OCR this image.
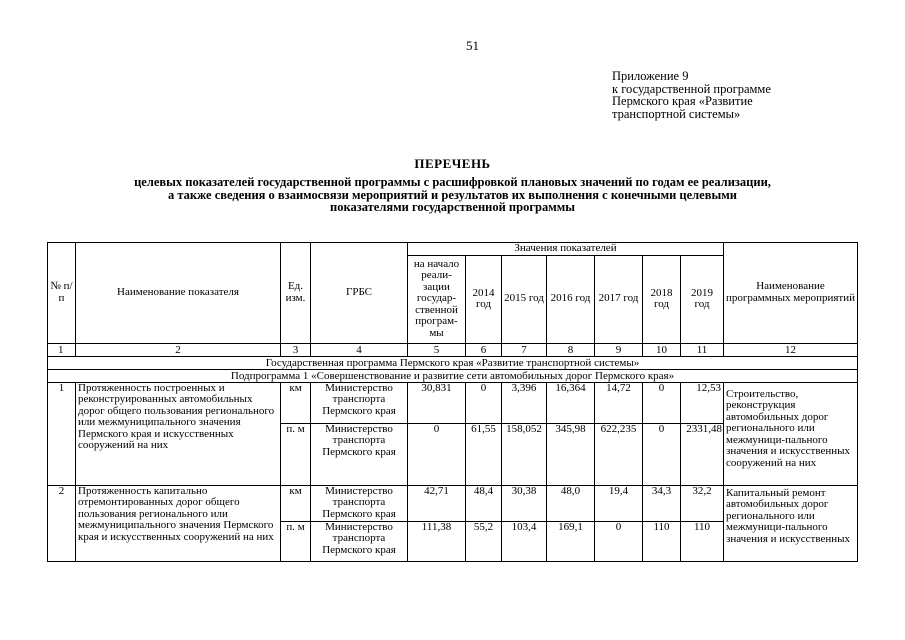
51
Приложение 9
к государственной программе
Пермского края «Развитие
транспортной системы»
ПЕРЕЧЕНЬ
целевых показателей государственной программы с расшифровкой плановых значений по годам ее реализации,
а также сведения о взаимосвязи мероприятий и результатов их выполнения с конечными целевыми
показателями государственной программы
№ п/п	Наименование показателя	Ед. изм.	ГРБС	Значения показателей							Наименование программных мероприятий
				на начало реали-зации государ-ственной програм-мы	2014 год	2015 год	2016 год	2017 год	2018 год	2019 год	
1	2	3	4	5	6	7	8	9	10	11	12
Государственная программа Пермского края «Развитие транспортной системы»											
Подпрограмма 1 «Совершенствование и развитие сети автомобильных дорог Пермского края»											
1	Протяженность построенных и реконструированных автомобильных дорог общего пользования регионального или межмуниципального значения Пермского края и искусственных сооружений на них	км	Министерство транспорта Пермского края	30,831	0	3,396	16,364	14,72	0	12,53	Строительство, реконструкция автомобильных дорог регионального или межмуници-пального значения и искусственных сооружений на них
		п. м	Министерство транспорта Пермского края	0	61,55	158,052	345,98	622,235	0	2331,48	
2	Протяженность капитально отремонтированных дорог общего пользования регионального или межмуниципального значения Пермского края и искусственных сооружений на них	км	Министерство транспорта Пермского края	42,71	48,4	30,38	48,0	19,4	34,3	32,2	Капитальный ремонт автомобильных дорог регионального или межмуници-пального значения и искусственных
		п. м	Министерство транспорта Пермского края	111,38	55,2	103,4	169,1	0	110	110	
